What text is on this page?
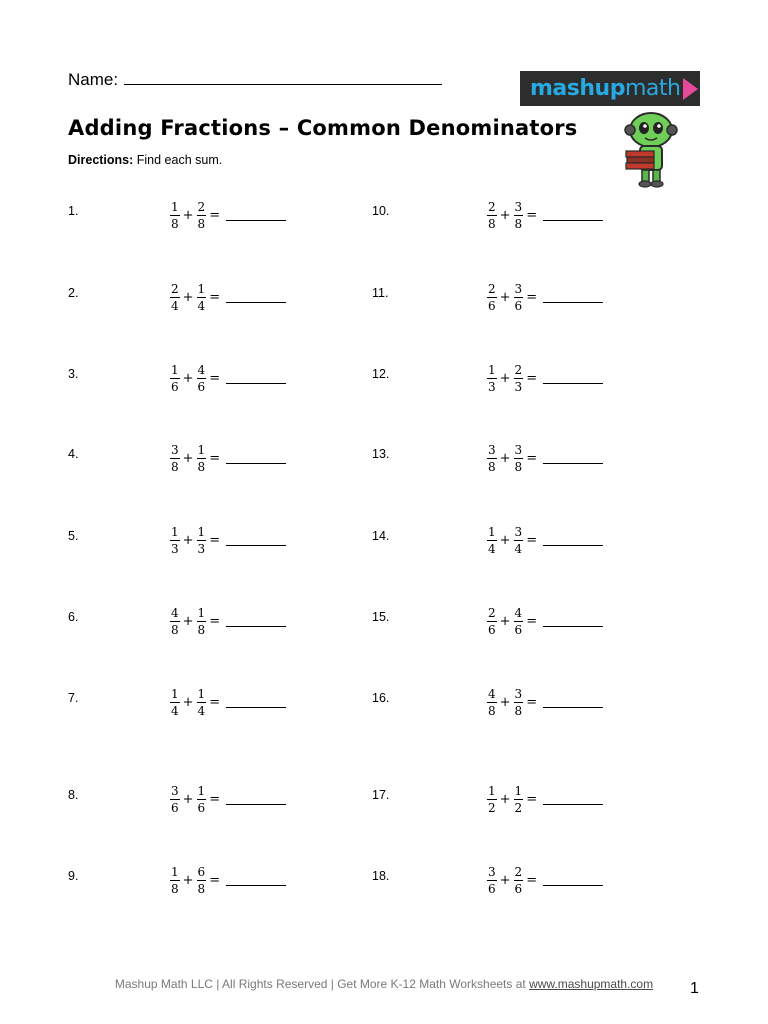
Name:
Adding Fractions – Common Denominators
Directions: Find each sum.
mashup math
1.	$\frac{1}{8} + \frac{2}{8}$ =
2.	$\frac{2}{4} + \frac{1}{4}$ =
3.	$\frac{1}{6} + \frac{4}{6}$ =
4.	$\frac{3}{8} + \frac{1}{8}$ =
5.	$\frac{1}{3} + \frac{1}{3}$ =
6.	$\frac{4}{8} + \frac{1}{8}$ =
7.	$\frac{1}{4} + \frac{1}{4}$ =
8.	$\frac{3}{6} + \frac{1}{6}$ =
9.	$\frac{1}{8} + \frac{6}{8}$ =
10.	$\frac{2}{8} + \frac{3}{8}$ =
11.	$\frac{2}{6} + \frac{3}{6}$ =
12.	$\frac{1}{3} + \frac{2}{3}$ =
13.	$\frac{3}{8} + \frac{3}{8}$ =
14.	$\frac{1}{4} + \frac{3}{4}$ =
15.	$\frac{2}{6} + \frac{4}{6}$ =
16.	$\frac{4}{8} + \frac{3}{8}$ =
17.	$\frac{1}{2} + \frac{1}{2}$ =
18.	$\frac{3}{6} + \frac{2}{6}$ =
Mashup Math LLC | All Rights Reserved | Get More K-12 Math Worksheets at www.mashupmath.com	1
